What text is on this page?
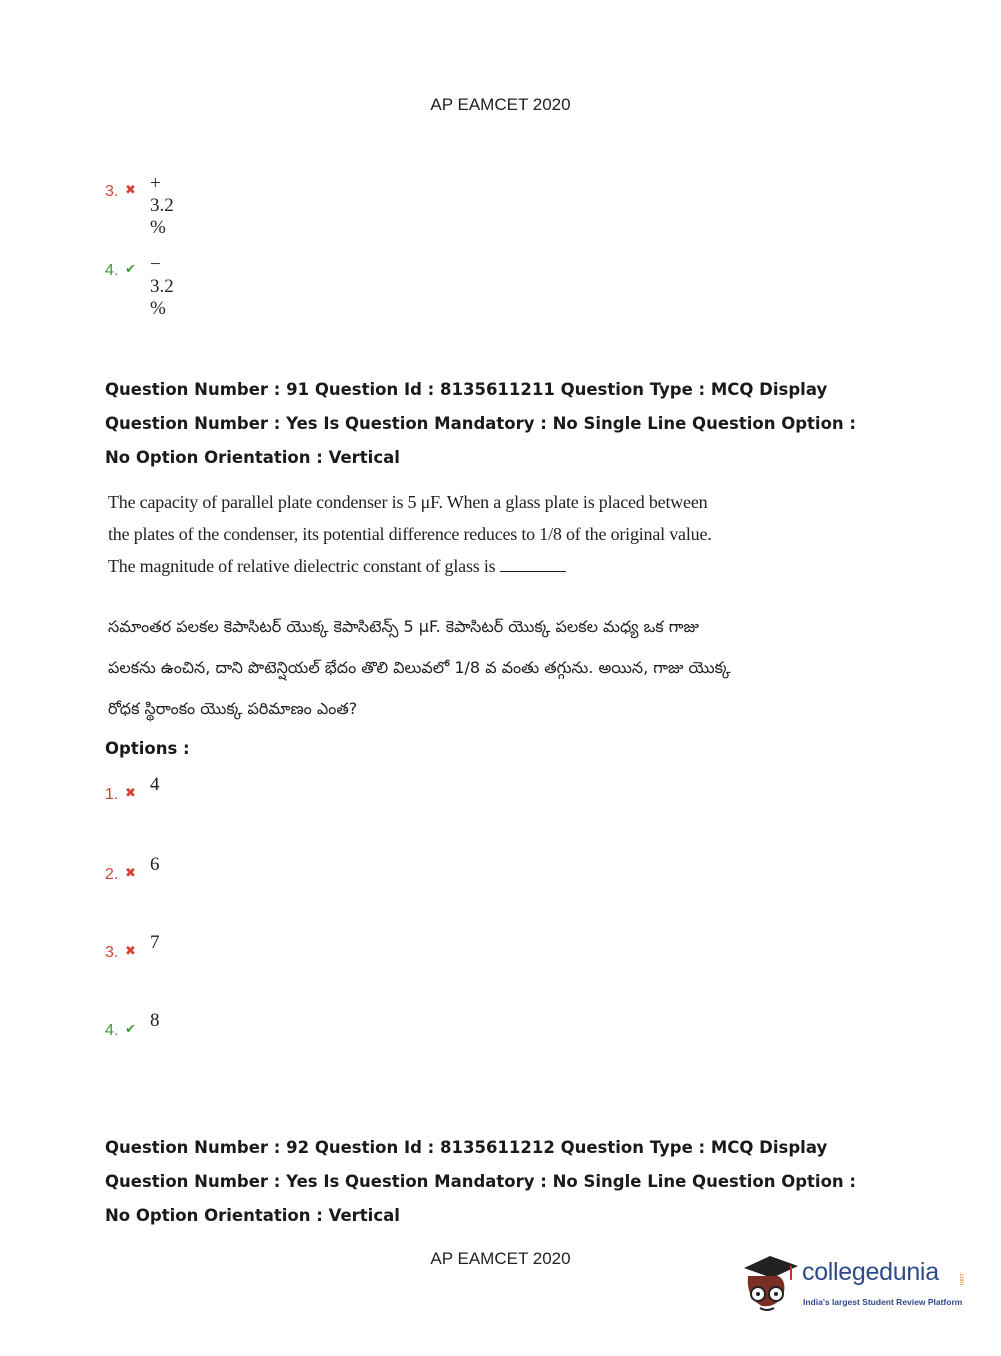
AP EAMCET 2020
3. ✖ + 3.2 %
4. ✔ − 3.2 %
Question Number : 91 Question Id : 8135611211 Question Type : MCQ Display Question Number : Yes Is Question Mandatory : No Single Line Question Option : No Option Orientation : Vertical
The capacity of parallel plate condenser is 5 μF. When a glass plate is placed between the plates of the condenser, its potential difference reduces to 1/8 of the original value. The magnitude of relative dielectric constant of glass is
సమాంతర పలకల కెపాసిటర్ యొక్క కెపాసిటెన్స్ 5 μF. కెపాసిటర్ యొక్క పలకల మధ్య ఒక గాజు పలకను ఉంచిన, దాని పొటెన్షియల్ భేదం తొలి విలువలో 1/8 వ వంతు తగ్గును. అయిన, గాజు యొక్క రోధక స్థిరాంకం యొక్క పరిమాణం ఎంత?
Options :
1. ✖ 4
2. ✖ 6
3. ✖ 7
4. ✔ 8
Question Number : 92 Question Id : 8135611212 Question Type : MCQ Display Question Number : Yes Is Question Mandatory : No Single Line Question Option : No Option Orientation : Vertical
AP EAMCET 2020	collegedunia	.com
India's largest Student Review Platform
